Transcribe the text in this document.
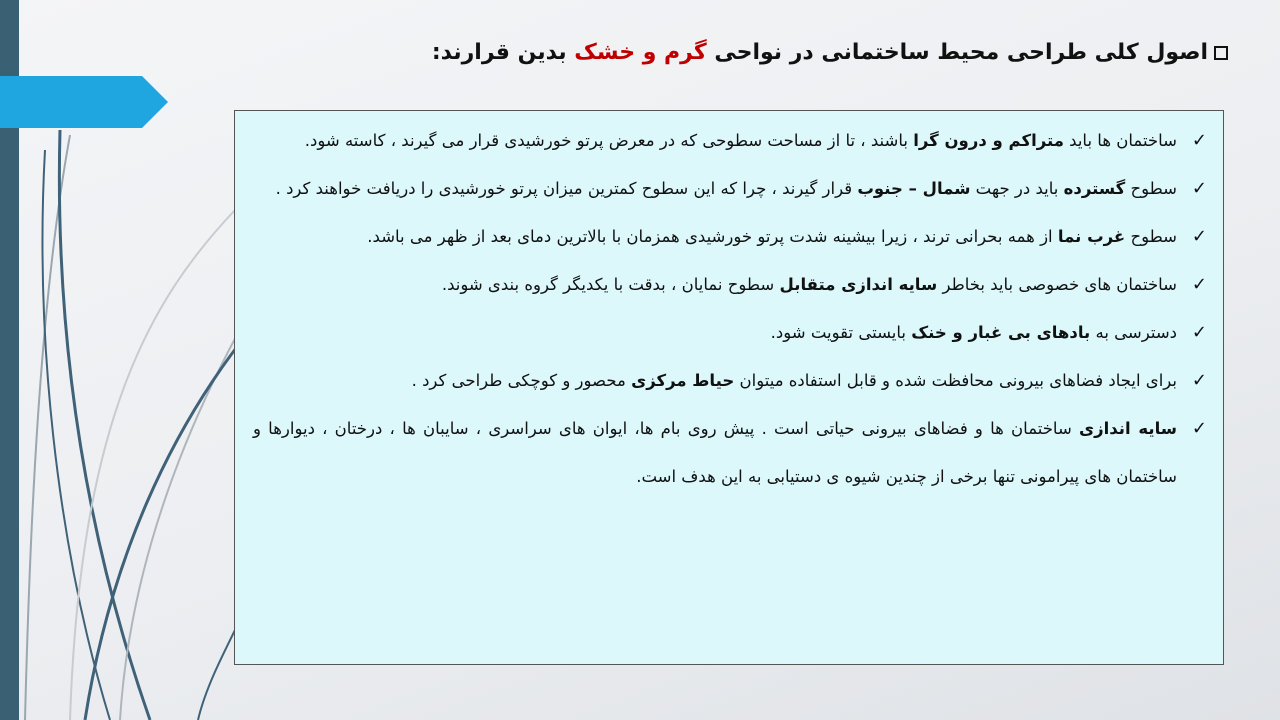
اصول کلی طراحی محیط ساختمانی در نواحی گرم و خشک بدین قرارند:
✓
ساختمان ها باید متراکم و درون گرا باشند ، تا از مساحت سطوحی که در معرض پرتو خورشیدی قرار می گیرند ، کاسته شود.
✓
سطوح گسترده باید در جهت شمال – جنوب قرار گیرند ، چرا که این سطوح کمترین میزان پرتو خورشیدی را دریافت خواهند کرد .
✓
سطوح غرب نما از همه بحرانی ترند ، زیرا بیشینه شدت پرتو خورشیدی همزمان با بالاترین دمای بعد از ظهر می باشد.
✓
ساختمان های خصوصی باید بخاطر سایه اندازی متقابل سطوح نمایان ، بدقت با یکدیگر گروه بندی شوند.
✓
دسترسی به بادهای بی غبار و خنک بایستی تقویت شود.
✓
برای ایجاد فضاهای بیرونی محافظت شده و قابل استفاده میتوان حیاط مرکزی محصور و کوچکی طراحی کرد .
✓
سایه اندازی ساختمان ها و فضاهای بیرونی حیاتی است . پیش روی بام ها، ایوان های سراسری ، سایبان ها ، درختان ، دیوارها و ساختمان های پیرامونی تنها برخی از چندین شیوه ی دستیابی به این هدف است.
